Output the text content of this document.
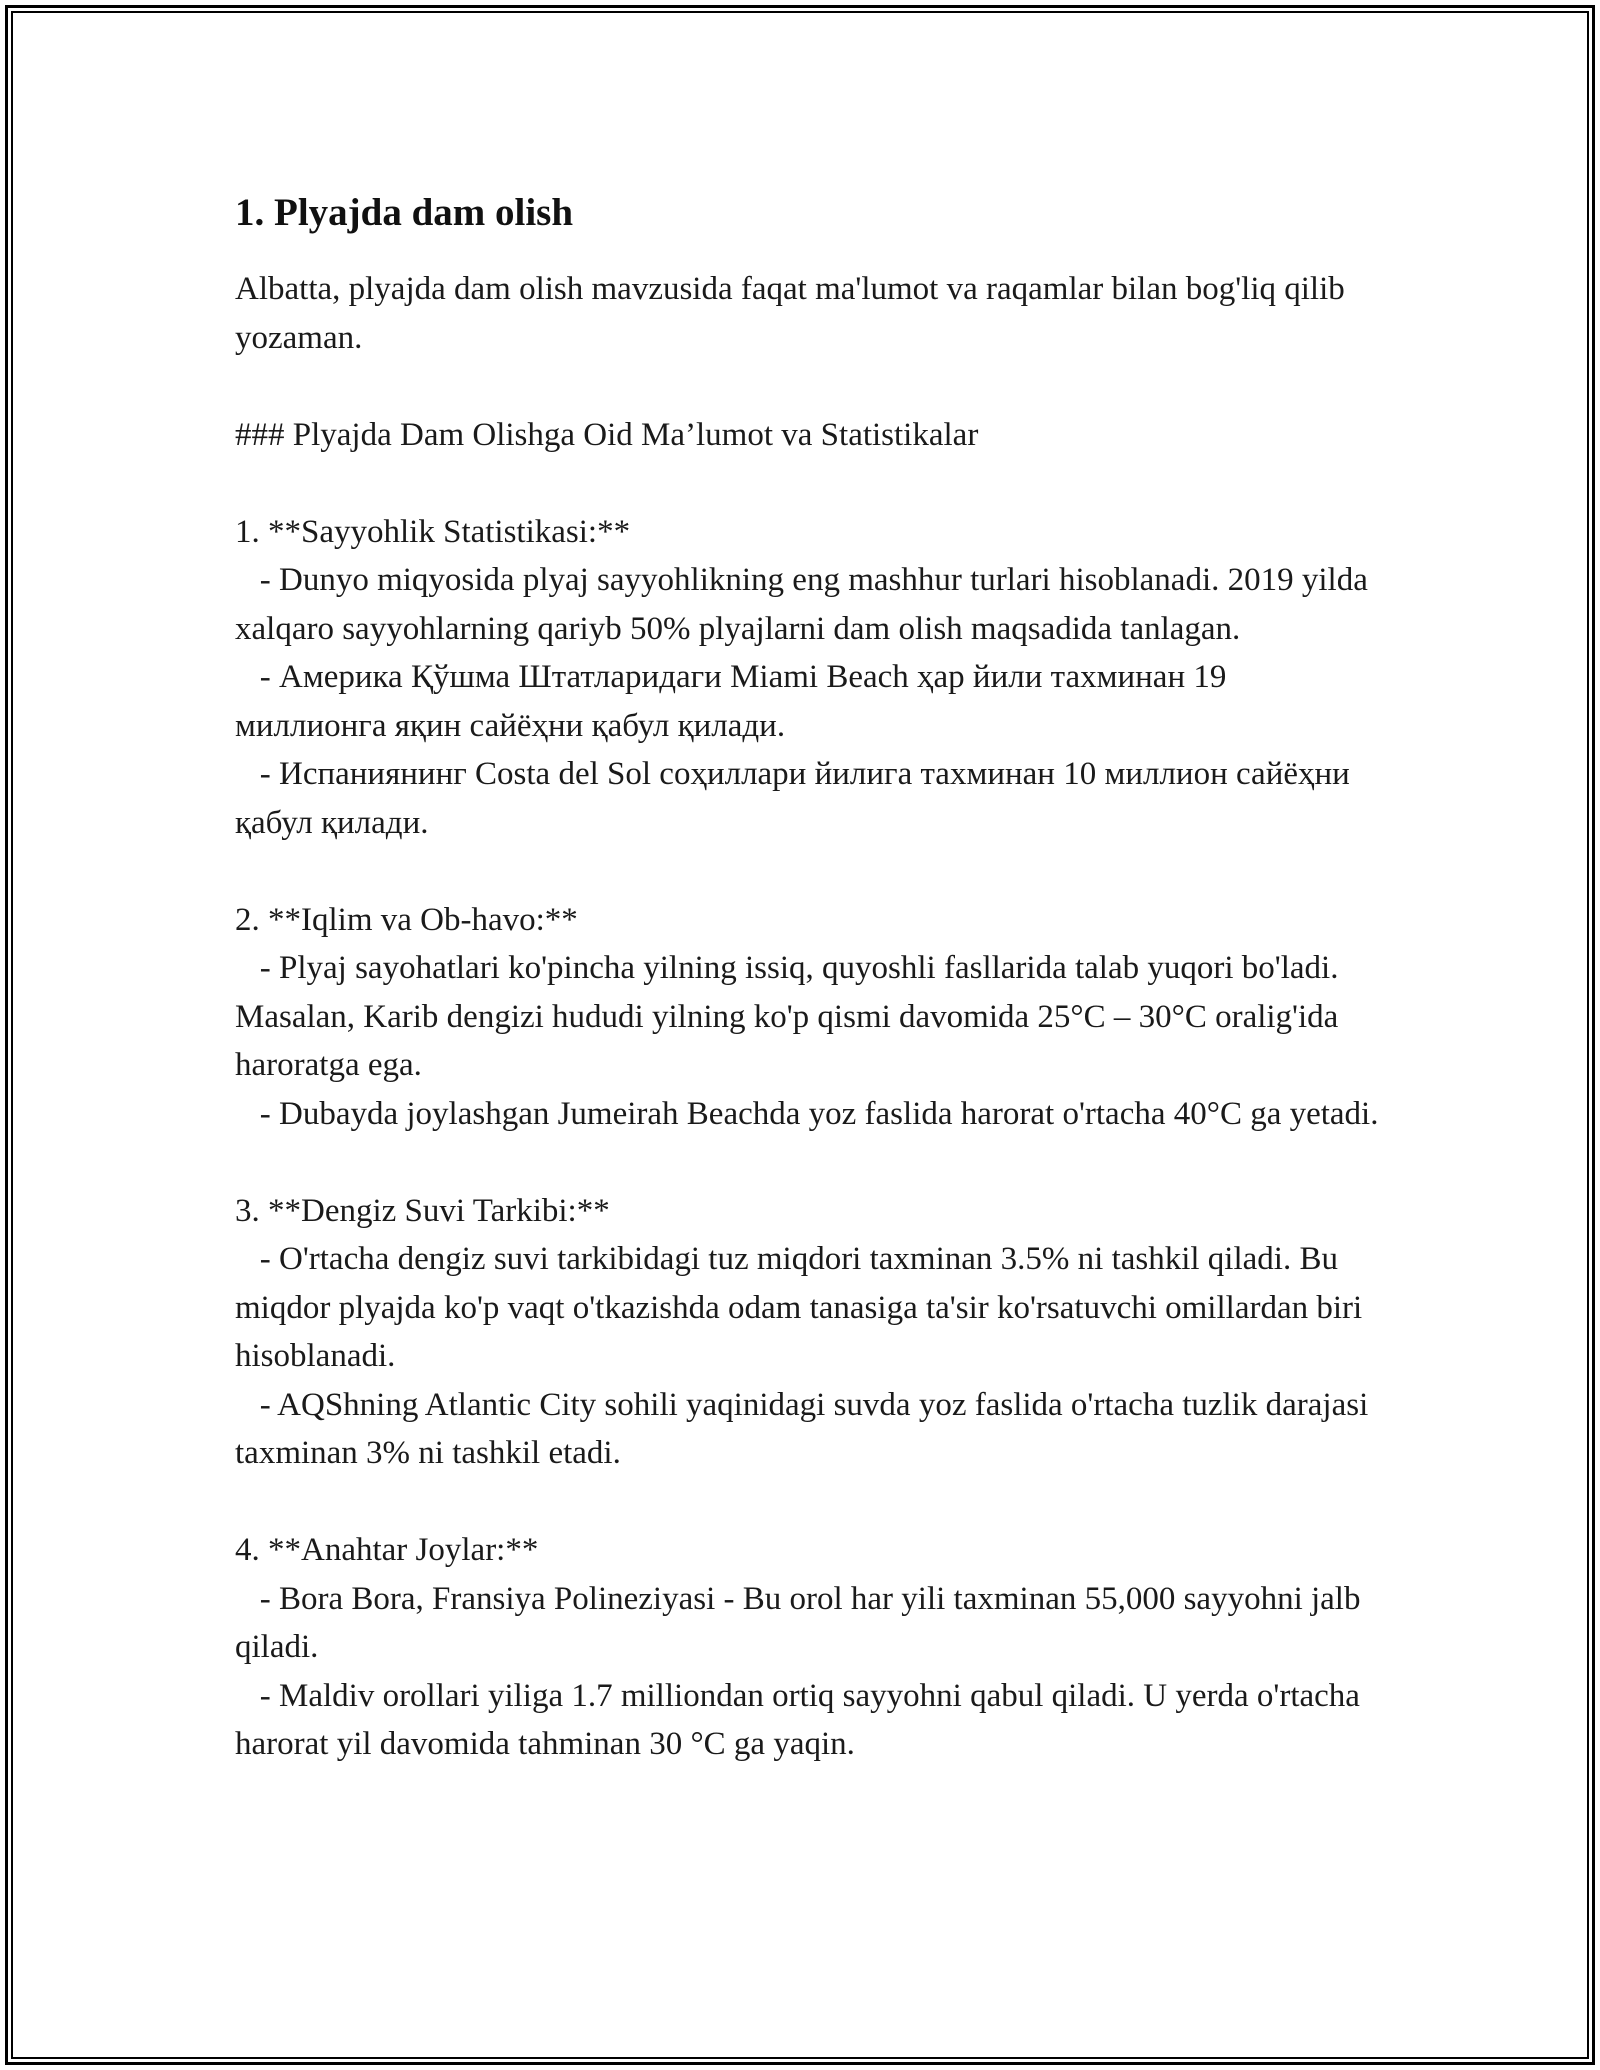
1. Plyajda dam olish

Albatta, plyajda dam olish mavzusida faqat ma'lumot va raqamlar bilan bog'liq qilib yozaman.

### Plyajda Dam Olishga Oid Ma’lumot va Statistikalar
1. **Sayyohlik Statistikasi:**
- Dunyo miqyosida plyaj sayyohlikning eng mashhur turlari hisoblanadi. 2019 yilda xalqaro sayyohlarning qariyb 50% plyajlarni dam olish maqsadida tanlagan.
- Америка Қўшма Штатларидаги Miami Beach ҳар йили тахминан 19 миллионга яқин сайёҳни қабул қилади.
- Испаниянинг Costa del Sol соҳиллари йилига тахминан 10 миллион сайёҳни қабул қилади.
2. **Iqlim va Ob-havo:**
- Plyaj sayohatlari ko'pincha yilning issiq, quyoshli fasllarida talab yuqori bo'ladi. Masalan, Karib dengizi hududi yilning ko'p qismi davomida 25°C – 30°C oralig'ida haroratga ega.
- Dubayda joylashgan Jumeirah Beachda yoz faslida harorat o'rtacha 40°C ga yetadi.
3. **Dengiz Suvi Tarkibi:**
- O'rtacha dengiz suvi tarkibidagi tuz miqdori taxminan 3.5% ni tashkil qiladi. Bu miqdor plyajda ko'p vaqt o'tkazishda odam tanasiga ta'sir ko'rsatuvchi omillardan biri hisoblanadi.
- AQShning Atlantic City sohili yaqinidagi suvda yoz faslida o'rtacha tuzlik darajasi taxminan 3% ni tashkil etadi.
4. **Anahtar Joylar:**
- Bora Bora, Fransiya Polineziyasi - Bu orol har yili taxminan 55,000 sayyohni jalb qiladi.
- Maldiv orollari yiliga 1.7 milliondan ortiq sayyohni qabul qiladi. U yerda o'rtacha harorat yil davomida tahminan 30 °C ga yaqin.
